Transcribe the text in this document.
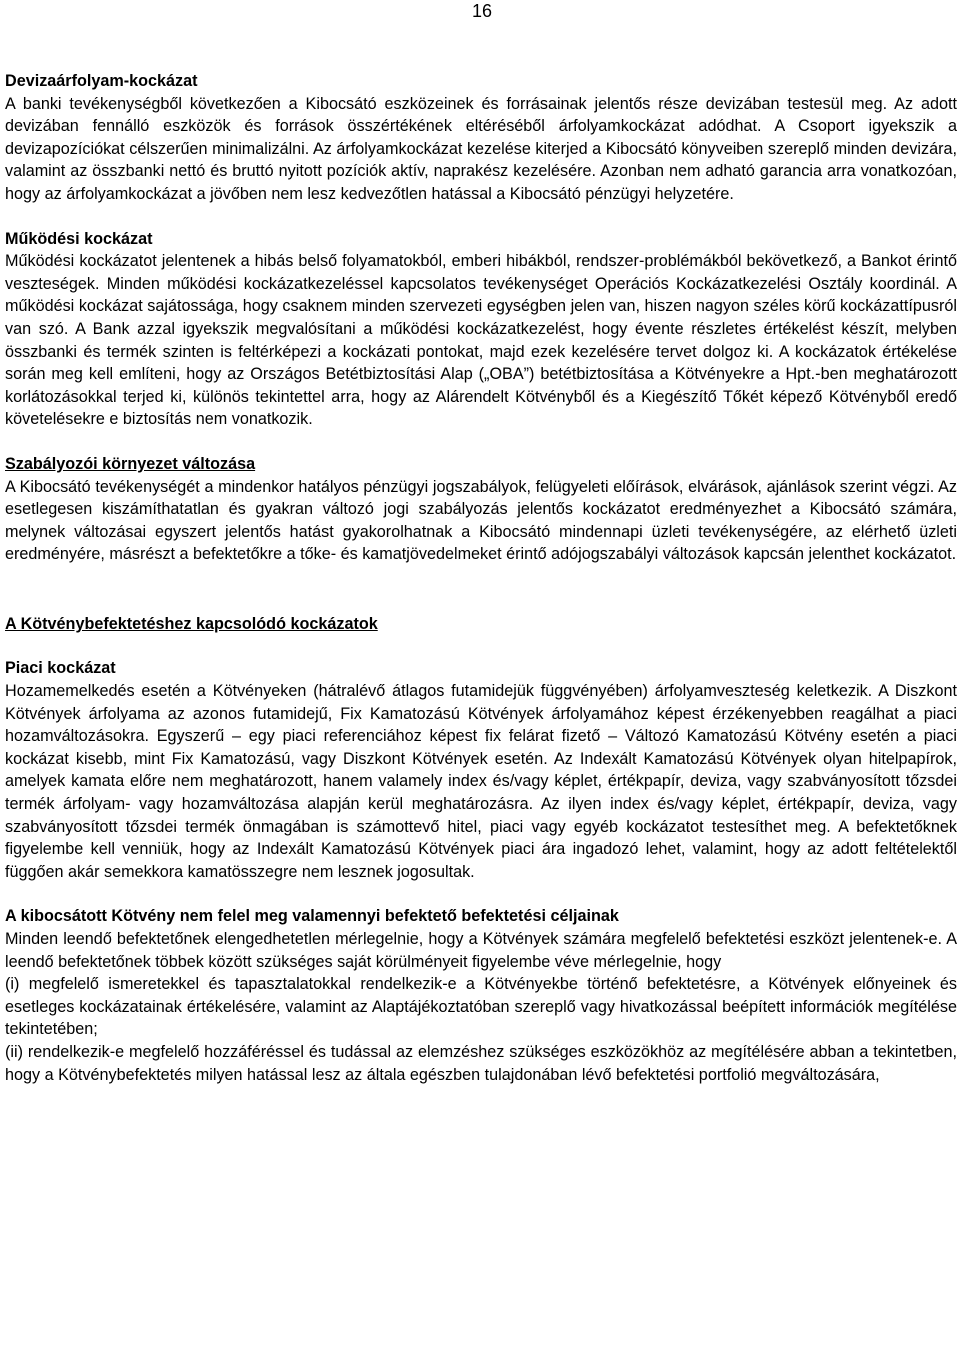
16

Devizaárfolyam-kockázat

A banki tevékenységből következően a Kibocsátó eszközeinek és forrásainak jelentős része devizában testesül meg. Az adott devizában fennálló eszközök és források összértékének eltéréséből árfolyamkockázat adódhat. A Csoport igyekszik a devizapozíciókat célszerűen minimalizálni. Az árfolyamkockázat kezelése kiterjed a Kibocsátó könyveiben szereplő minden devizára, valamint az összbanki nettó és bruttó nyitott pozíciók aktív, naprakész kezelésére. Azonban nem adható garancia arra vonatkozóan, hogy az árfolyamkockázat a jövőben nem lesz kedvezőtlen hatással a Kibocsátó pénzügyi helyzetére.

Működési kockázat

Működési kockázatot jelentenek a hibás belső folyamatokból, emberi hibákból, rendszer-problémákból bekövetkező, a Bankot érintő veszteségek. Minden működési kockázatkezeléssel kapcsolatos tevékenységet Operációs Kockázatkezelési Osztály koordinál. A működési kockázat sajátossága, hogy csaknem minden szervezeti egységben jelen van, hiszen nagyon széles körű kockázattípusról van szó. A Bank azzal igyekszik megvalósítani a működési kockázatkezelést, hogy évente részletes értékelést készít, melyben összbanki és termék szinten is feltérképezi a kockázati pontokat, majd ezek kezelésére tervet dolgoz ki. A kockázatok értékelése során meg kell említeni, hogy az Országos Betétbiztosítási Alap („OBA”) betétbiztosítása a Kötvényekre a Hpt.-ben meghatározott korlátozásokkal terjed ki, különös tekintettel arra, hogy az Alárendelt Kötvényből és a Kiegészítő Tőkét képező Kötvényből eredő követelésekre e biztosítás nem vonatkozik.

Szabályozói környezet változása

A Kibocsátó tevékenységét a mindenkor hatályos pénzügyi jogszabályok, felügyeleti előírások, elvárások, ajánlások szerint végzi. Az esetlegesen kiszámíthatatlan és gyakran változó jogi szabályozás jelentős kockázatot eredményezhet a Kibocsátó számára, melynek változásai egyszert jelentős hatást gyakorolhatnak a Kibocsátó mindennapi üzleti tevékenységére, az elérhető üzleti eredményére, másrészt a befektetőkre a tőke- és kamatjövedelmeket érintő adójogszabályi változások kapcsán jelenthet kockázatot.

A Kötvénybefektetéshez kapcsolódó kockázatok

Piaci kockázat

Hozamemelkedés esetén a Kötvényeken (hátralévő átlagos futamidejük függvényében) árfolyamveszteség keletkezik. A Diszkont Kötvények árfolyama az azonos futamidejű, Fix Kamatozású Kötvények árfolyamához képest érzékenyebben reagálhat a piaci hozamváltozásokra. Egyszerű – egy piaci referenciához képest fix felárat fizető – Változó Kamatozású Kötvény esetén a piaci kockázat kisebb, mint Fix Kamatozású, vagy Diszkont Kötvények esetén. Az Indexált Kamatozású Kötvények olyan hitelpapírok, amelyek kamata előre nem meghatározott, hanem valamely index és/vagy képlet, értékpapír, deviza, vagy szabványosított tőzsdei termék árfolyam- vagy hozamváltozása alapján kerül meghatározásra. Az ilyen index és/vagy képlet, értékpapír, deviza, vagy szabványosított tőzsdei termék önmagában is számottevő hitel, piaci vagy egyéb kockázatot testesíthet meg. A befektetőknek figyelembe kell venniük, hogy az Indexált Kamatozású Kötvények piaci ára ingadozó lehet, valamint, hogy az adott feltételektől függően akár semekkora kamatösszegre nem lesznek jogosultak.

A kibocsátott Kötvény nem felel meg valamennyi befektető befektetési céljainak

Minden leendő befektetőnek elengedhetetlen mérlegelnie, hogy a Kötvények számára megfelelő befektetési eszközt jelentenek-e. A leendő befektetőnek többek között szükséges saját körülményeit figyelembe véve mérlegelnie, hogy

(i) megfelelő ismeretekkel és tapasztalatokkal rendelkezik-e a Kötvényekbe történő befektetésre, a Kötvények előnyeinek és esetleges kockázatainak értékelésére, valamint az Alaptájékoztatóban szereplő vagy hivatkozással beépített információk megítélése tekintetében;

(ii) rendelkezik-e megfelelő hozzáféréssel és tudással az elemzéshez szükséges eszközökhöz az megítélésére abban a tekintetben, hogy a Kötvénybefektetés milyen hatással lesz az általa egészben tulajdonában lévő befektetési portfolió megváltozására,
